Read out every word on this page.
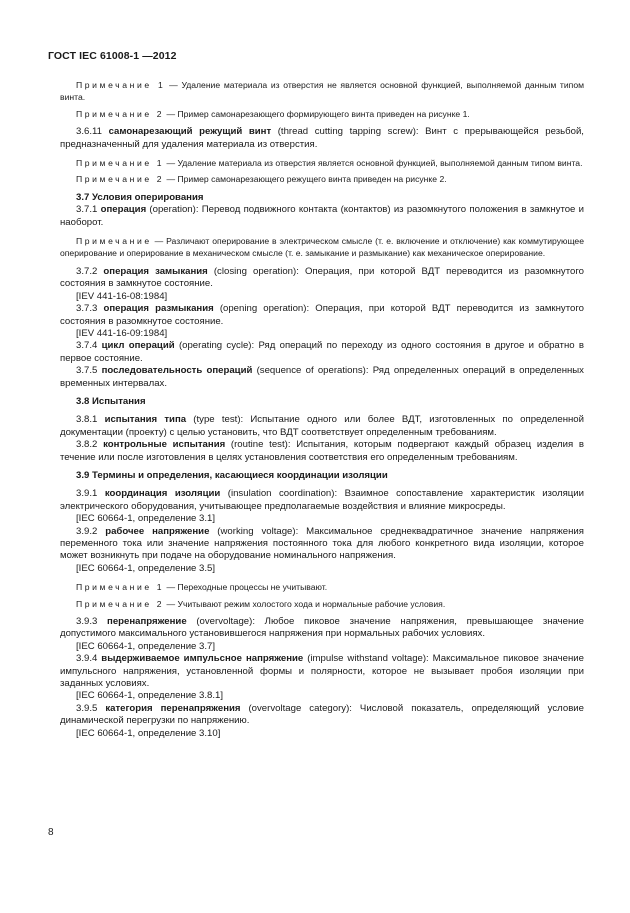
ГОСТ IEC 61008-1 —2012

Примечание 1 — Удаление материала из отверстия не является основной функцией, выполняемой данным типом винта.

Примечание 2 — Пример самонарезающего формирующего винта приведен на рисунке 1.

3.6.11 самонарезающий режущий винт (thread cutting tapping screw): Винт с прерывающейся резьбой, предназначенный для удаления материала из отверстия.

Примечание 1 — Удаление материала из отверстия является основной функцией, выполняемой данным типом винта.

Примечание 2 — Пример самонарезающего режущего винта приведен на рисунке 2.

3.7 Условия оперирования

3.7.1 операция (operation): Перевод подвижного контакта (контактов) из разомкнутого положения в замкнутое и наоборот.

Примечание — Различают оперирование в электрическом смысле (т. е. включение и отключение) как коммутирующее оперирование и оперирование в механическом смысле (т. е. замыкание и размыкание) как механическое оперирование.

3.7.2 операция замыкания (closing operation): Операция, при которой ВДТ переводится из разомкнутого состояния в замкнутое состояние.

[IEV 441-16-08:1984]

3.7.3 операция размыкания (opening operation): Операция, при которой ВДТ переводится из замкнутого состояния в разомкнутое состояние.

[IEV 441-16-09:1984]

3.7.4 цикл операций (operating cycle): Ряд операций по переходу из одного состояния в другое и обратно в первое состояние.

3.7.5 последовательность операций (sequence of operations): Ряд определенных операций в определенных временных интервалах.

3.8 Испытания

3.8.1 испытания типа (type test): Испытание одного или более ВДТ, изготовленных по определенной документации (проекту) с целью установить, что ВДТ соответствует определенным требованиям.

3.8.2 контрольные испытания (routine test): Испытания, которым подвергают каждый образец изделия в течение или после изготовления в целях установления соответствия его определенным требованиям.

3.9 Термины и определения, касающиеся координации изоляции

3.9.1 координация изоляции (insulation coordination): Взаимное сопоставление характеристик изоляции электрического оборудования, учитывающее предполагаемые воздействия и влияние микросреды.

[IEC 60664-1, определение 3.1]

3.9.2 рабочее напряжение (working voltage): Максимальное среднеквадратичное значение напряжения переменного тока или значение напряжения постоянного тока для любого конкретного вида изоляции, которое может возникнуть при подаче на оборудование номинального напряжения.

[IEC 60664-1, определение 3.5]

Примечание 1 — Переходные процессы не учитывают.

Примечание 2 — Учитывают режим холостого хода и нормальные рабочие условия.

3.9.3 перенапряжение (overvoltage): Любое пиковое значение напряжения, превышающее значение допустимого максимального установившегося напряжения при нормальных рабочих условиях.

[IEC 60664-1, определение 3.7]

3.9.4 выдерживаемое импульсное напряжение (impulse withstand voltage): Максимальное пиковое значение импульсного напряжения, установленной формы и полярности, которое не вызывает пробоя изоляции при заданных условиях.

[IEC 60664-1, определение 3.8.1]

3.9.5 категория перенапряжения (overvoltage category): Числовой показатель, определяющий условие динамической перегрузки по напряжению.

[IEC 60664-1, определение 3.10]

8
